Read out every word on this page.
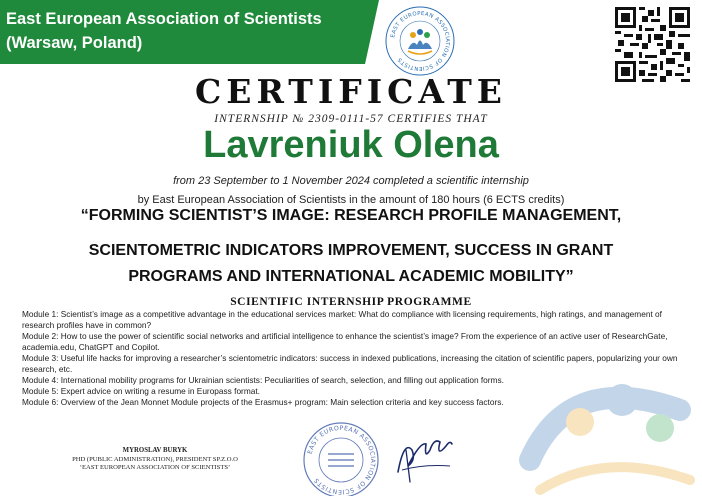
East European Association of Scientists
(Warsaw, Poland)	EAST EUROPEAN ASSOCIATION OF SCIENTISTS
CERTIFICATE
INTERNSHIP № 2309-0111-57 CERTIFIES THAT
Lavreniuk Olena
from 23 September to 1 November 2024 completed a scientific internship
by East European Association of Scientists in the amount of 180 hours (6 ECTS credits)
“FORMING SCIENTIST’S IMAGE: RESEARCH PROFILE MANAGEMENT,
SCIENTOMETRIC INDICATORS IMPROVEMENT, SUCCESS IN GRANT
PROGRAMS AND INTERNATIONAL ACADEMIC MOBILITY”
SCIENTIFIC INTERNSHIP PROGRAMME
Module 1: Scientist’s image as a competitive advantage in the educational services market: What do compliance with licensing requirements, high ratings, and management of research profiles have in common?
Module 2: How to use the power of scientific social networks and artificial intelligence to enhance the scientist’s image? From the experience of an active user of ResearchGate, academia.edu, ChatGPT and Copilot.
Module 3: Useful life hacks for improving a researcher’s scientometric indicators: success in indexed publications, increasing the citation of scientific papers, popularizing your own research, etc.
Module 4: International mobility programs for Ukrainian scientists: Peculiarities of search, selection, and filling out application forms.
Module 5: Expert advice on writing a resume in Europass format.
Module 6: Overview of the Jean Monnet Module projects of the Erasmus+ program: Main selection criteria and key success factors.
MYROSLAV BURYK
PHD (PUBLIC ADMINISTRATION), PRESIDENT SP.Z.O.O
‘EAST EUROPEAN ASSOCIATION OF SCIENTISTS’
EAST EUROPEAN ASSOCIATION OF SCIENTISTS
